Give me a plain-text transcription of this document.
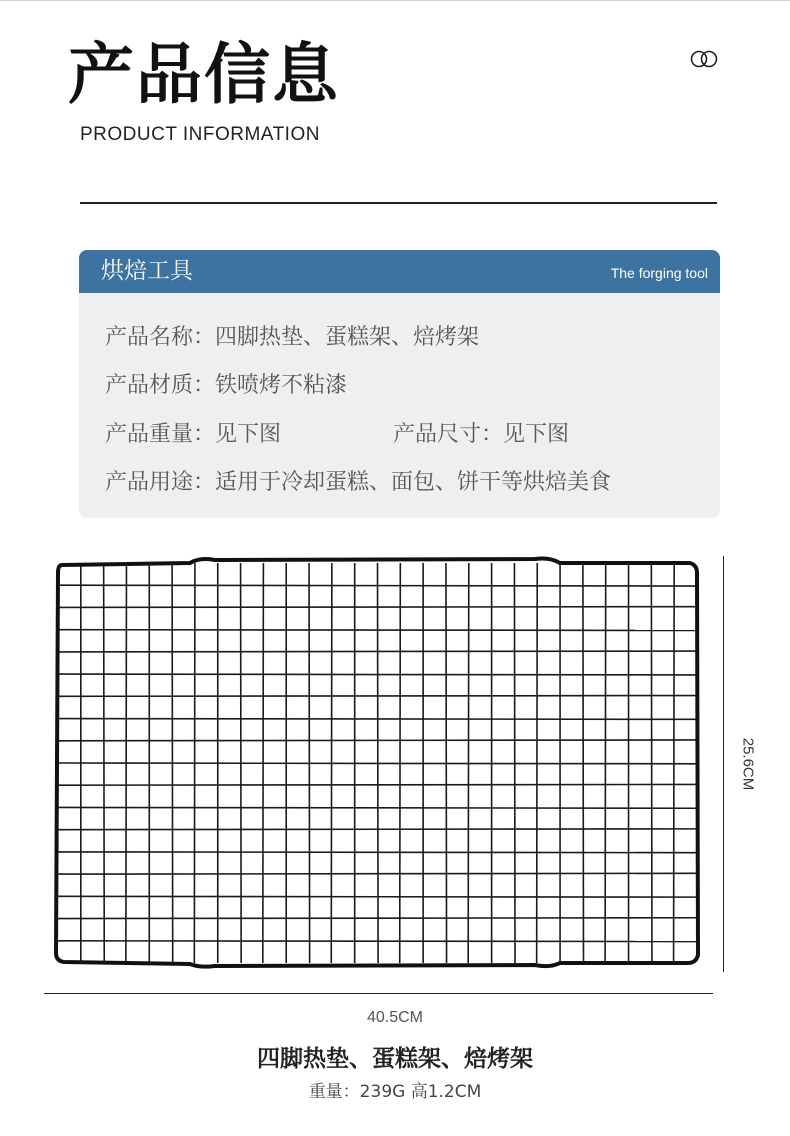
产品信息
PRODUCT INFORMATION
烘焙工具	The forging tool
产品名称：四脚热垫、蛋糕架、焙烤架
产品材质：铁喷烤不粘漆
产品重量：见下图	产品尺寸：见下图
产品用途：适用于冷却蛋糕、面包、饼干等烘焙美食
25.6CM
40.5CM
四脚热垫、蛋糕架、焙烤架
重量：239G 高1.2CM
